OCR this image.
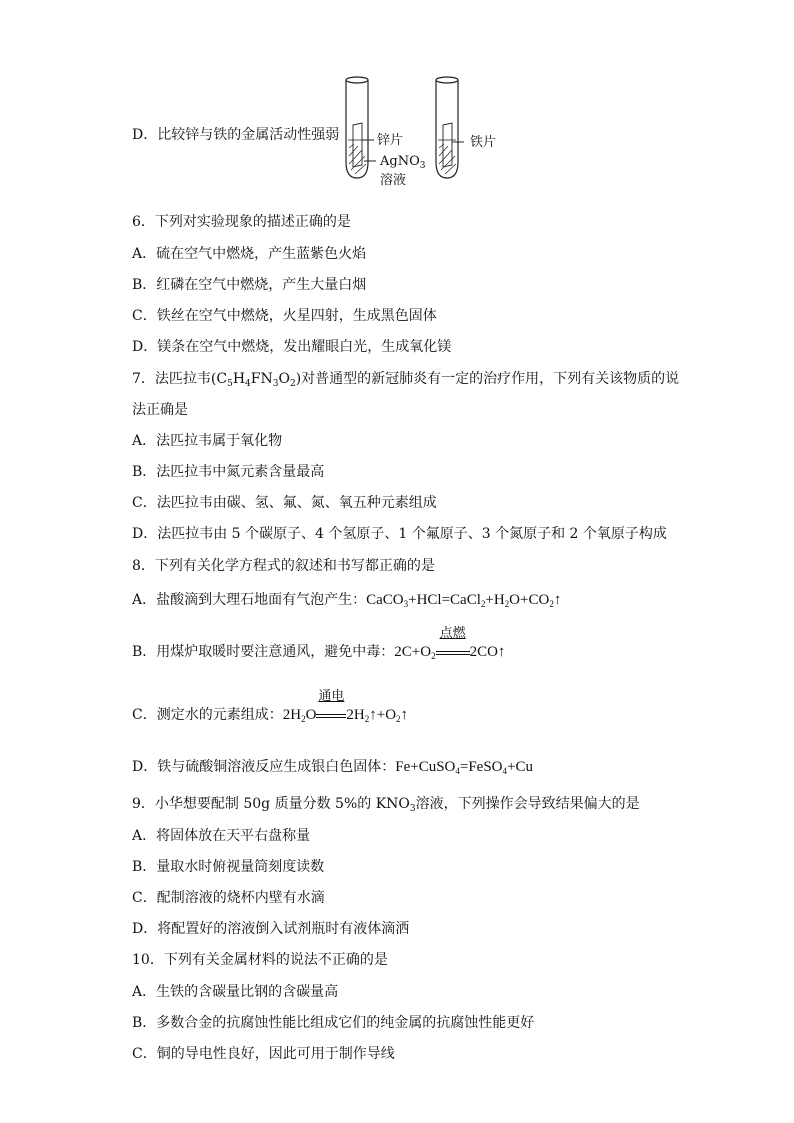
D．比较锌与铁的金属活动性强弱	锌片
AgNO$_3$
溶液
铁片
6．下列对实验现象的描述正确的是
A．硫在空气中燃烧，产生蓝紫色火焰
B．红磷在空气中燃烧，产生大量白烟
C．铁丝在空气中燃烧，火星四射，生成黑色固体
D．镁条在空气中燃烧，发出耀眼白光，生成氧化镁
7．法匹拉韦$(C_5H_4FN_3O_2)$对普通型的新冠肺炎有一定的治疗作用，下列有关该物质的说
法正确是
A．法匹拉韦属于氧化物
B．法匹拉韦中氮元素含量最高
C．法匹拉韦由碳、氢、氟、氮、氧五种元素组成
D．法匹拉韦由 5 个碳原子、4 个氢原子、1 个氟原子、3 个氮原子和 2 个氧原子构成
8．下列有关化学方程式的叙述和书写都正确的是
A．盐酸滴到大理石地面有气泡产生：$CaCO_3+HCl=CaCl_2+H_2O+CO_2↑$
B．用煤炉取暖时要注意通风，避免中毒：$2C+O_2$
点燃
2CO↑
C．测定水的元素组成：$2H_2O$
通电
$2H_2↑+O_2↑$
D．铁与硫酸铜溶液反应生成银白色固体：Fe+CuSO$_4$=FeSO$_4$+Cu
9．小华想要配制 50g 质量分数 5%的 $KNO_3$溶液，下列操作会导致结果偏大的是
A．将固体放在天平右盘称量
B．量取水时俯视量筒刻度读数
C．配制溶液的烧杯内壁有水滴
D．将配置好的溶液倒入试剂瓶时有液体滴洒
10．下列有关金属材料的说法不正确的是
A．生铁的含碳量比钢的含碳量高
B．多数合金的抗腐蚀性能比组成它们的纯金属的抗腐蚀性能更好
C．铜的导电性良好，因此可用于制作导线
